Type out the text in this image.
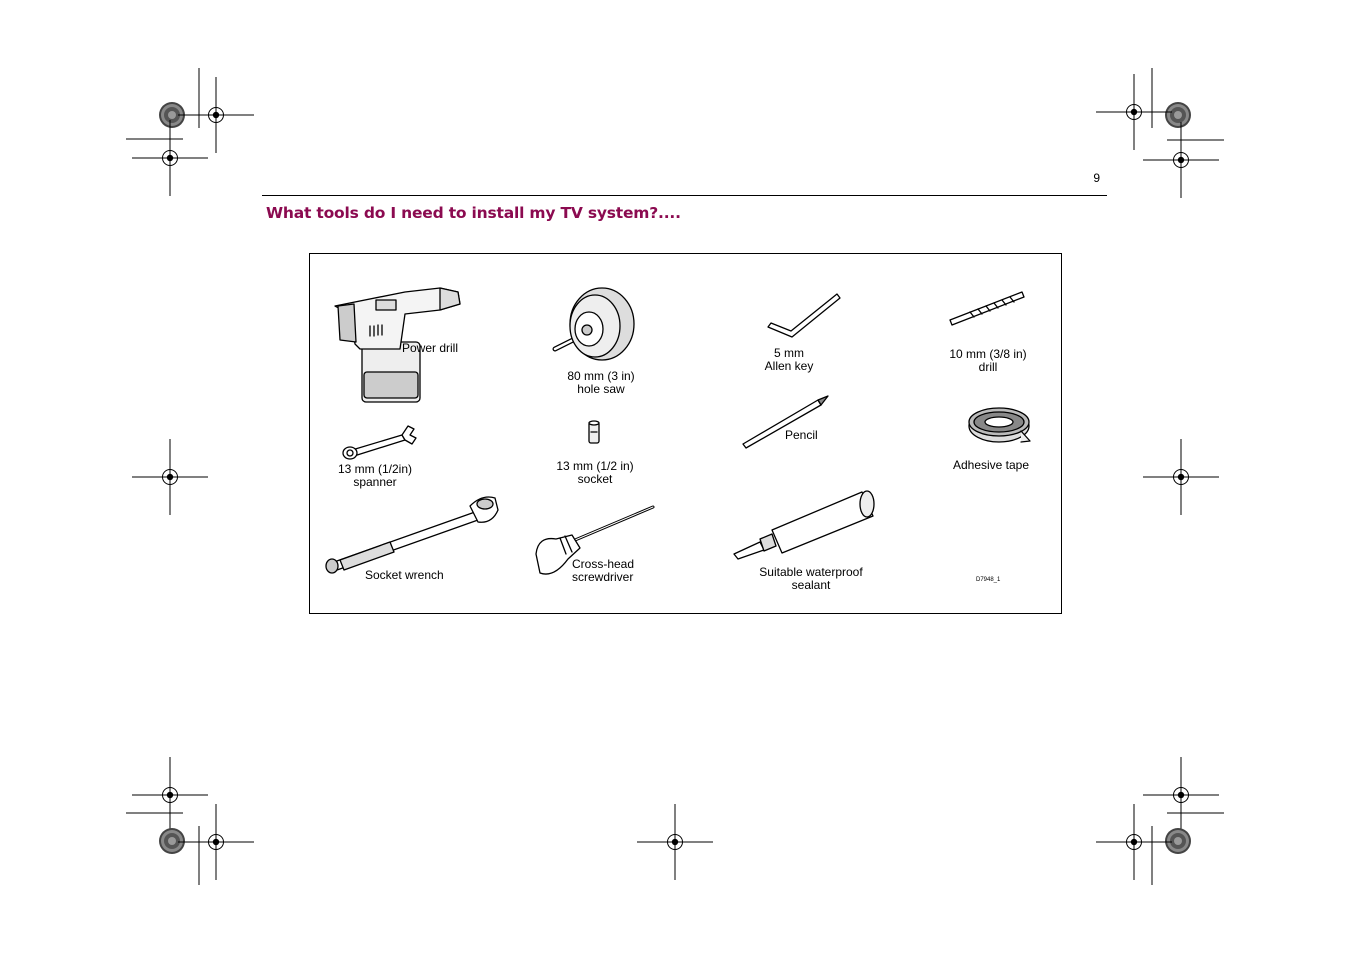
9
What tools do I need to install my TV system?....
Power drill
80 mm (3 in)
hole saw
5 mm
Allen key
10 mm (3/8 in)
drill
13 mm (1/2in)
spanner
13 mm (1/2 in)
socket
Pencil
Adhesive tape
Socket wrench
Cross-head
screwdriver	Suitable waterproof
sealant	D7948_1
